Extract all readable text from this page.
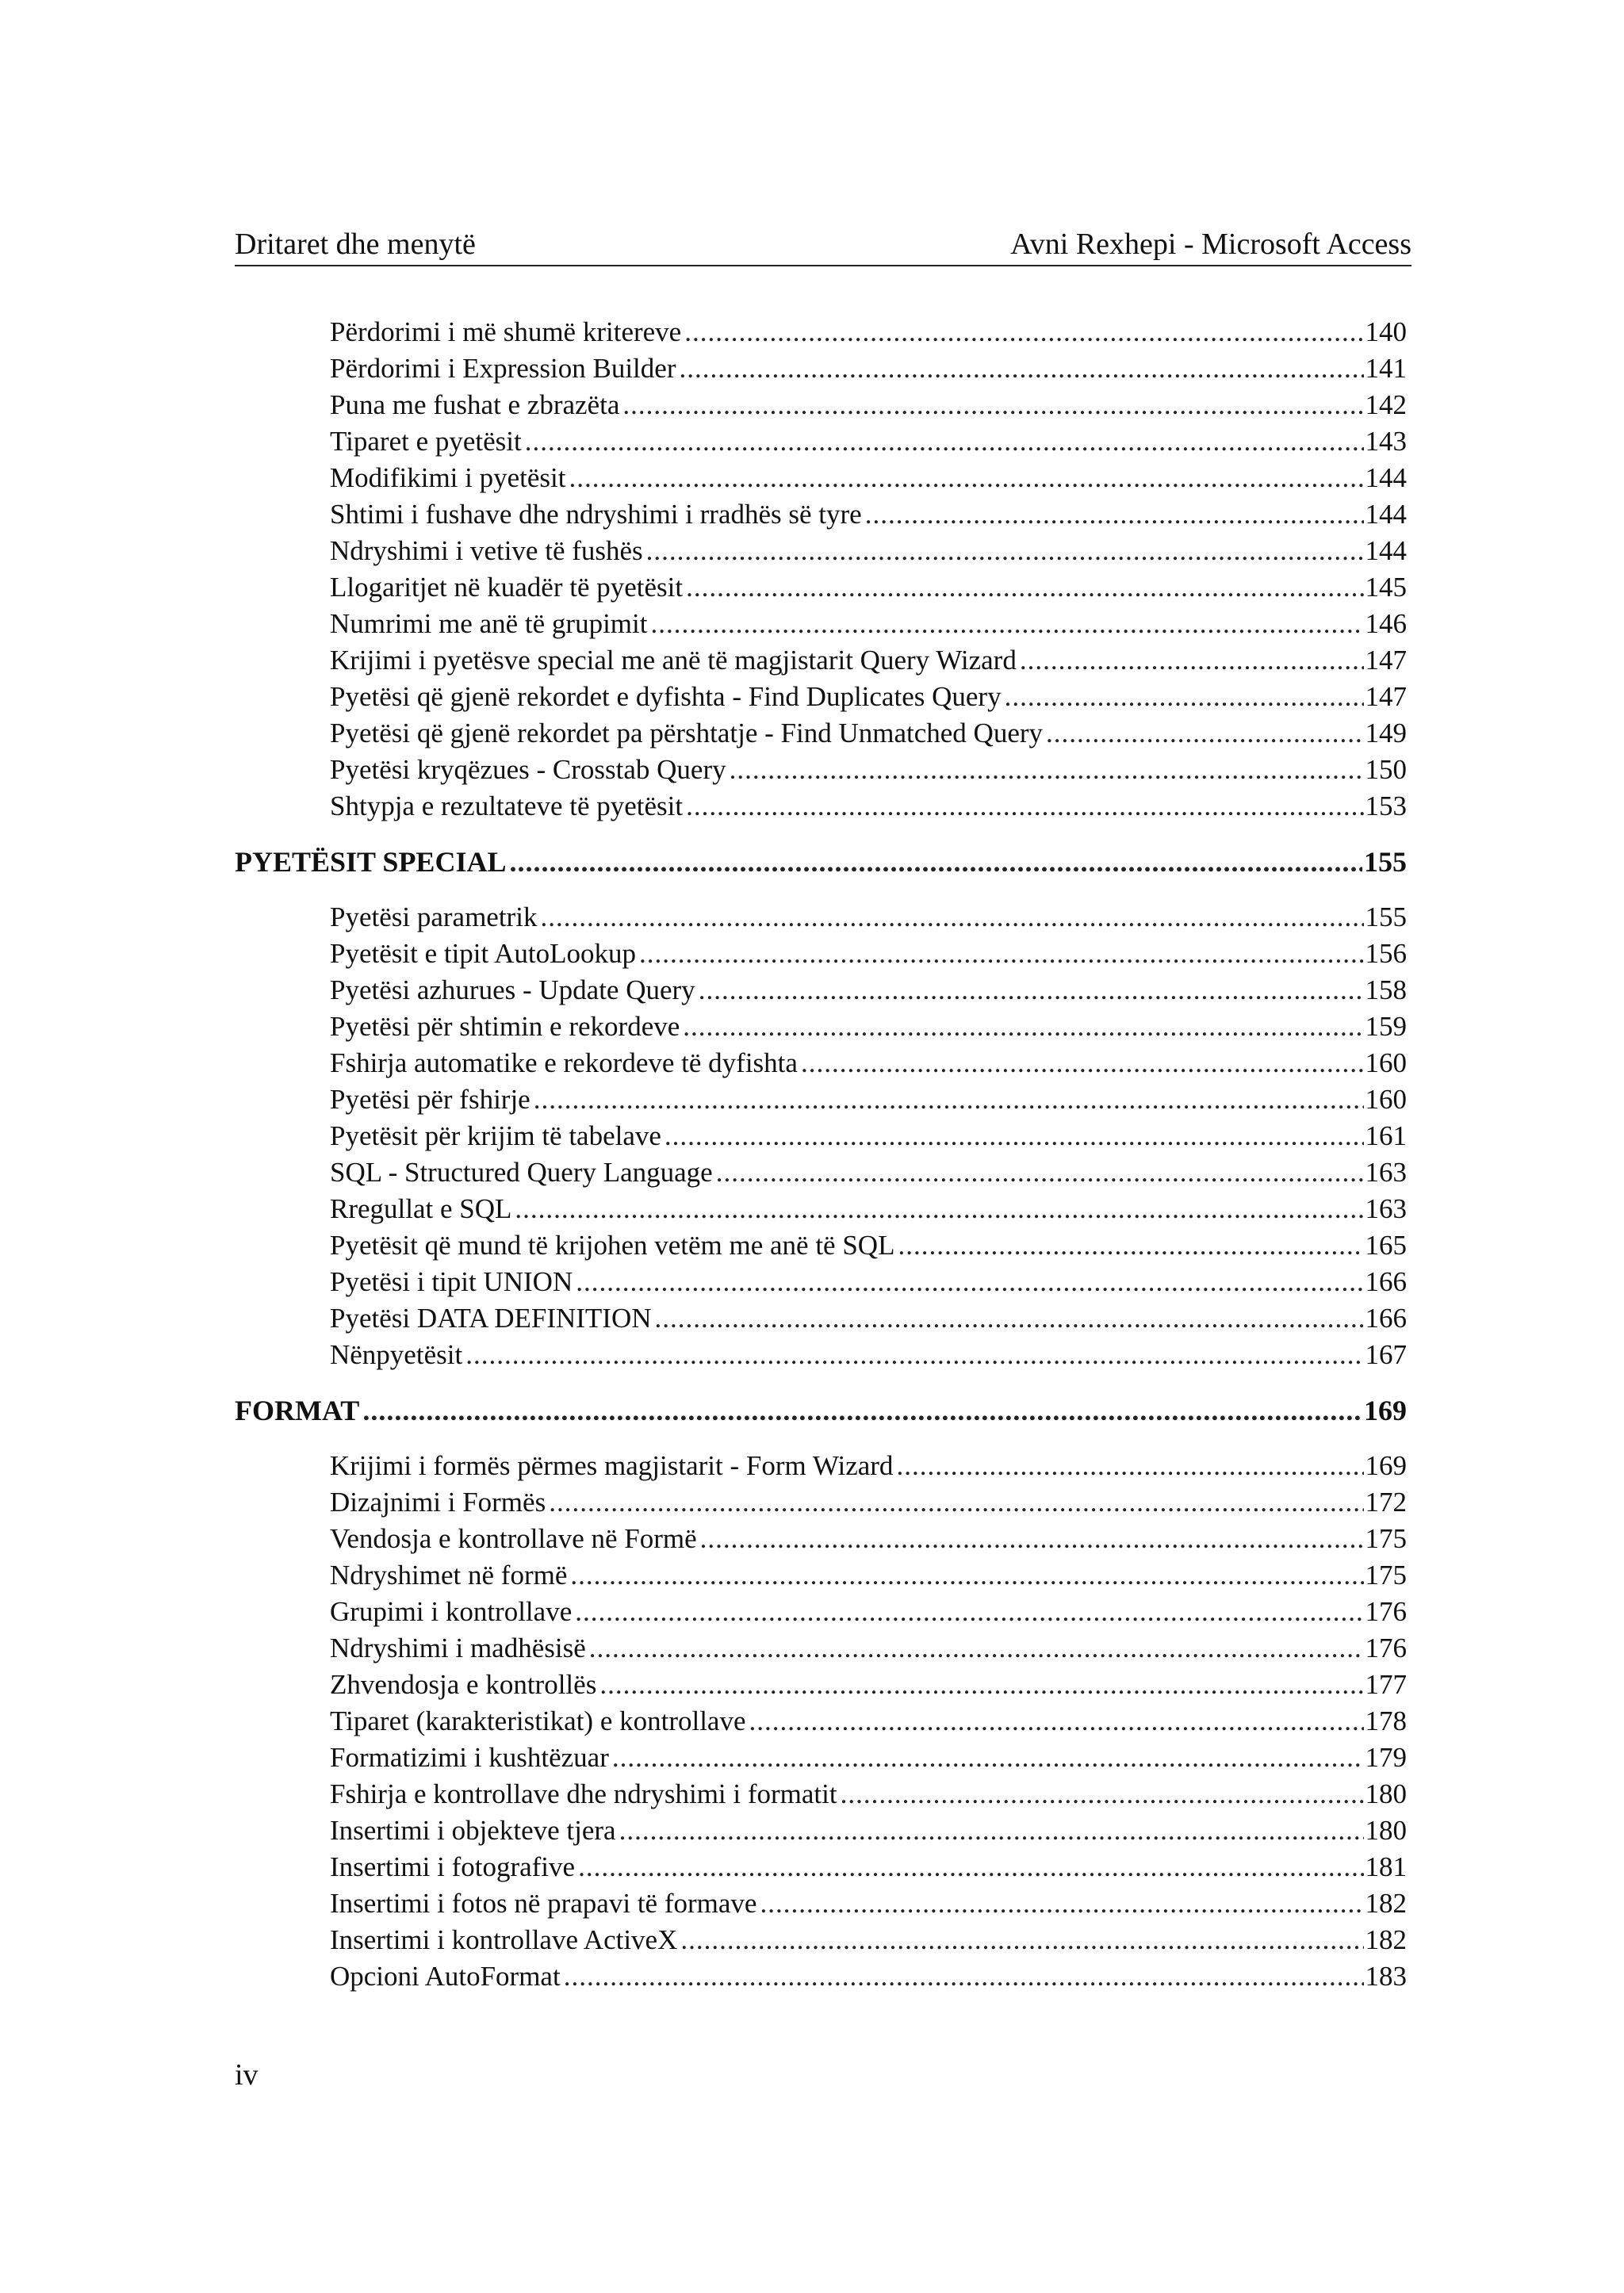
Dritaret dhe menytë	Avni Rexhepi - Microsoft Access
Përdorimi i më shumë kritereve .....	140
Përdorimi i Expression Builder .....	141
Puna me fushat e zbrazëta .....	142
Tiparet e pyetësit .....	143
Modifikimi i pyetësit .....	144
Shtimi i fushave dhe ndryshimi i rradhës së tyre .....	144
Ndryshimi i vetive të fushës .....	144
Llogaritjet në kuadër të pyetësit .....	145
Numrimi me anë të grupimit .....	146
Krijimi i pyetësve special me anë të magjistarit Query Wizard .....	147
Pyetësi që gjenë rekordet e dyfishta - Find Duplicates Query .....	147
Pyetësi që gjenë rekordet pa përshtatje - Find Unmatched Query .....	149
Pyetësi kryqëzues - Crosstab Query .....	150
Shtypja e rezultateve të pyetësit .....	153
PYETËSIT SPECIAL .....	155
Pyetësi parametrik .....	155
Pyetësit e tipit AutoLookup .....	156
Pyetësi azhurues - Update Query .....	158
Pyetësi për shtimin e rekordeve .....	159
Fshirja automatike e rekordeve të dyfishta .....	160
Pyetësi për fshirje .....	160
Pyetësit për krijim të tabelave .....	161
SQL - Structured Query Language .....	163
Rregullat e SQL .....	163
Pyetësit që mund të krijohen vetëm me anë të SQL .....	165
Pyetësi i tipit UNION .....	166
Pyetësi DATA DEFINITION .....	166
Nënpyetësit .....	167
FORMAT .....	169
Krijimi i formës përmes magjistarit - Form Wizard .....	169
Dizajnimi i Formës .....	172
Vendosja e kontrollave në Formë .....	175
Ndryshimet në formë .....	175
Grupimi i kontrollave .....	176
Ndryshimi i madhësisë .....	176
Zhvendosja e kontrollës .....	177
Tiparet (karakteristikat) e kontrollave .....	178
Formatizimi i kushtëzuar .....	179
Fshirja e kontrollave dhe ndryshimi i formatit .....	180
Insertimi i objekteve tjera .....	180
Insertimi i fotografive .....	181
Insertimi i fotos në prapavi të formave .....	182
Insertimi i kontrollave ActiveX .....	182
Opcioni AutoFormat .....	183
iv
